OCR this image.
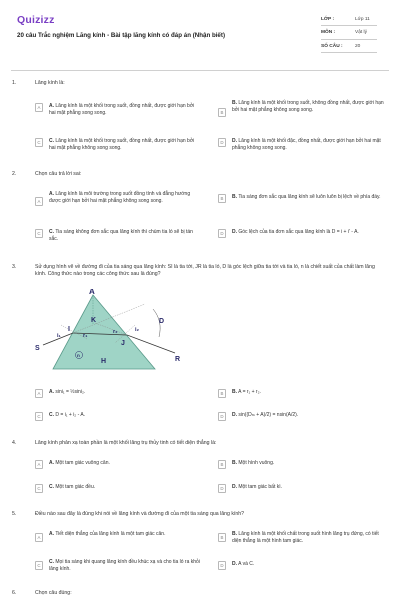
Quizizz
20 câu Trắc nghiệm Lăng kính - Bài tập lăng kính có đáp án (Nhận biết)
LỚP :	Lớp 11
MÔN :	Vật lý
SỐ CÂU :	20
1.	Lăng kính là:
A	A. Lăng kính là một khối trong suốt, đồng nhất, được giới hạn bởi hai mặt phẳng song song.	B
B. Lăng kính là một khối trong suốt, không đồng nhất, được giới hạn bởi hai mặt phẳng không song song.
C	C. Lăng kính là một khối trong suốt, đồng nhất, được giới hạn bởi hai mặt phẳng không song song.
D	D. Lăng kính là một khối đặc, đồng nhất, được giới hạn bởi hai mặt phẳng không song song.
2.	Chọn câu trả lời sai:
A
A. Lăng kính là môi trường trong suốt đồng tính và đẳng hướng được giới hạn bởi hai mặt phẳng không song song.	B	B. Tia sáng đơn sắc qua lăng kính sẽ luôn luôn bị lệch về phía đáy.
C	C. Tia sáng không đơn sắc qua lăng kính thì chùm tia ló sẽ bị tán sắc.
D	D. Góc lệch của tia đơn sắc qua lăng kính là D = i + i' - A.
3.	Sử dụng hình vẽ về đường đi của tia sáng qua lăng kính: SI là tia tới, JR là tia ló, D là góc lệch giữa tia tới và tia ló, n là chiết suất của chất làm lăng kính. Công thức nào trong các công thức sau là đúng?
A
K	D
I
J
S
R
H
n
i₁	r₁
r₂	i₂
A	A. sini₁ = ½sini₂.	B	B. A = r₁ + r₂.
C	C. D = i₁ + i₂ - A.	D	D. sin((Dₘ + A)/2) = nsin(A/2).
4.	Lăng kính phản xạ toàn phần là một khối lăng trụ thủy tinh có tiết diện thẳng là:
A	A. Một tam giác vuông cân.	B	B. Một hình vuông.
C	C. Một tam giác đều.	D	D. Một tam giác bất kì.
5.	Điều nào sau đây là đúng khi nói về lăng kính và đường đi của một tia sáng qua lăng kính?
A
A. Tiết diện thẳng của lăng kính là một tam giác cân.
B
B. Lăng kính là một khối chất trong suốt hình lăng trụ đứng, có tiết diện thẳng là một hình tam giác.
C
C. Mọi tia sáng khi quang lăng kính đều khúc xạ và cho tia ló ra khỏi lăng kính.
D	D. A và C.
6.	Chọn câu đúng:
